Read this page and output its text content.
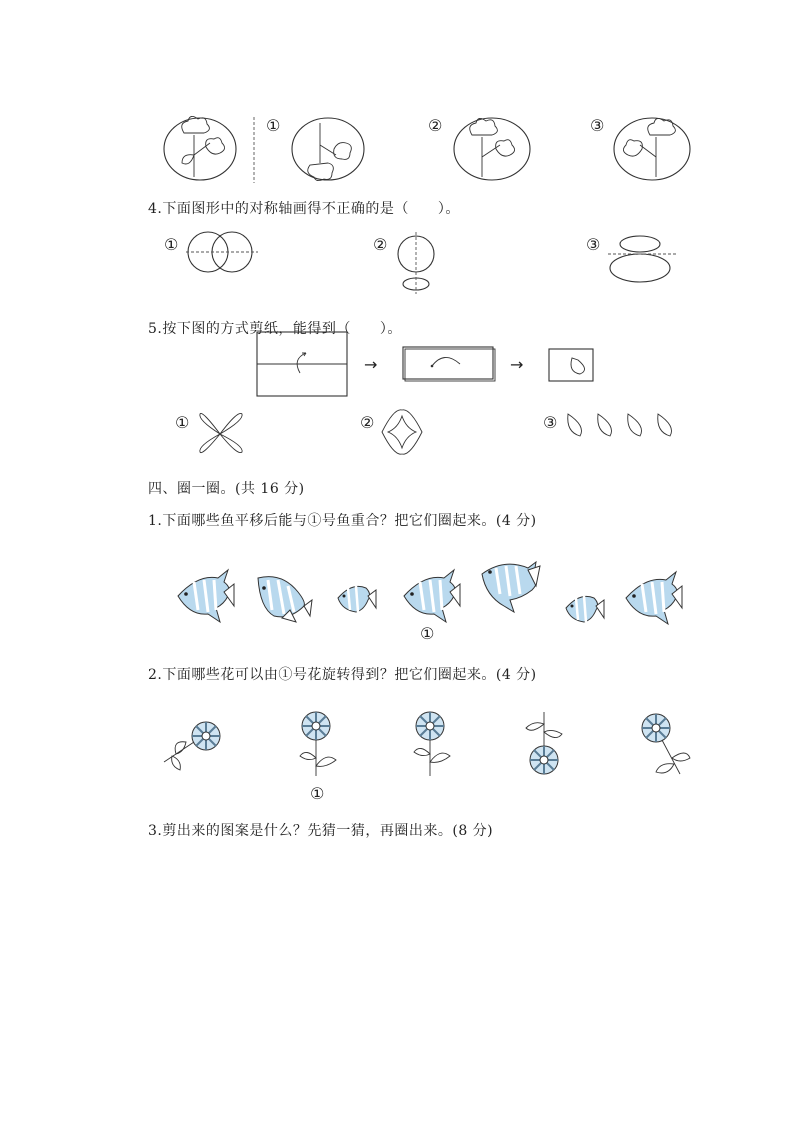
①	②	③
4.下面图形中的对称轴画得不正确的是（　　）。
①	②	③
5.按下图的方式剪纸，能得到（　　）。
→	→
①	②	③
四、圈一圈。(共 16 分)
1.下面哪些鱼平移后能与①号鱼重合？把它们圈起来。(4 分)
①
2.下面哪些花可以由①号花旋转得到？把它们圈起来。(4 分)
①
3.剪出来的图案是什么？先猜一猜，再圈出来。(8 分)
